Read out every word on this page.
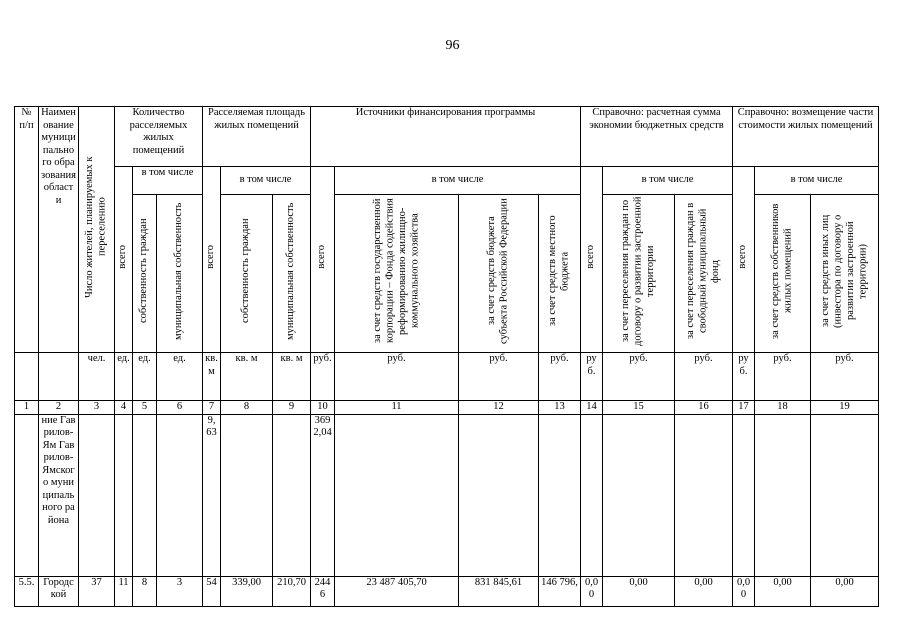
96
№ п/п	Наименование муниципального образования области	Число жителей, планируемых к переселению	Количество расселяемых жилых помещений			Расселяемая площадь жилых помещений			Источники финансирования программы				Справочно: расчетная сумма экономии бюджетных средств			Справочно: возмещение части стоимости жилых помещений		
			всего	в том числе		всего	в том числе		всего	в том числе			всего	в том числе		всего	в том числе	
				собственность граждан	муниципальная собственность		собственность граждан	муниципальная собственность		за счет средств государственной корпорации – Фонда содействия реформированию жилищно-коммунального хозяйства	за счет средств бюджета субъекта Российской Федерации	за счет средств местного бюджета		за счет переселения граждан по договору о развитии застроенной территории	за счет переселения граждан в свободный муниципальный фонд		за счет средств собственников жилых помещений	за счет средств иных лиц (инвестора по договору о развитии застроенной территории)
		чел.	ед.	ед.	ед.	кв.м	кв. м	кв. м	руб.	руб.	руб.	руб.	руб.	руб.	руб.	руб.	руб.	руб.
1	2	3	4	5	6	7	8	9	10	11	12	13	14	15	16	17	18	19
	ние Гаврилов-Ям Гаврилов-Ямского муниципального района					9,63			3692,04									
5.5.	Городской	37	11	8	3	54	339,00	210,70	2446	23 487 405,70	831 845,61	146 796,	0,00	0,00	0,00	0,00	0,00	0,00
